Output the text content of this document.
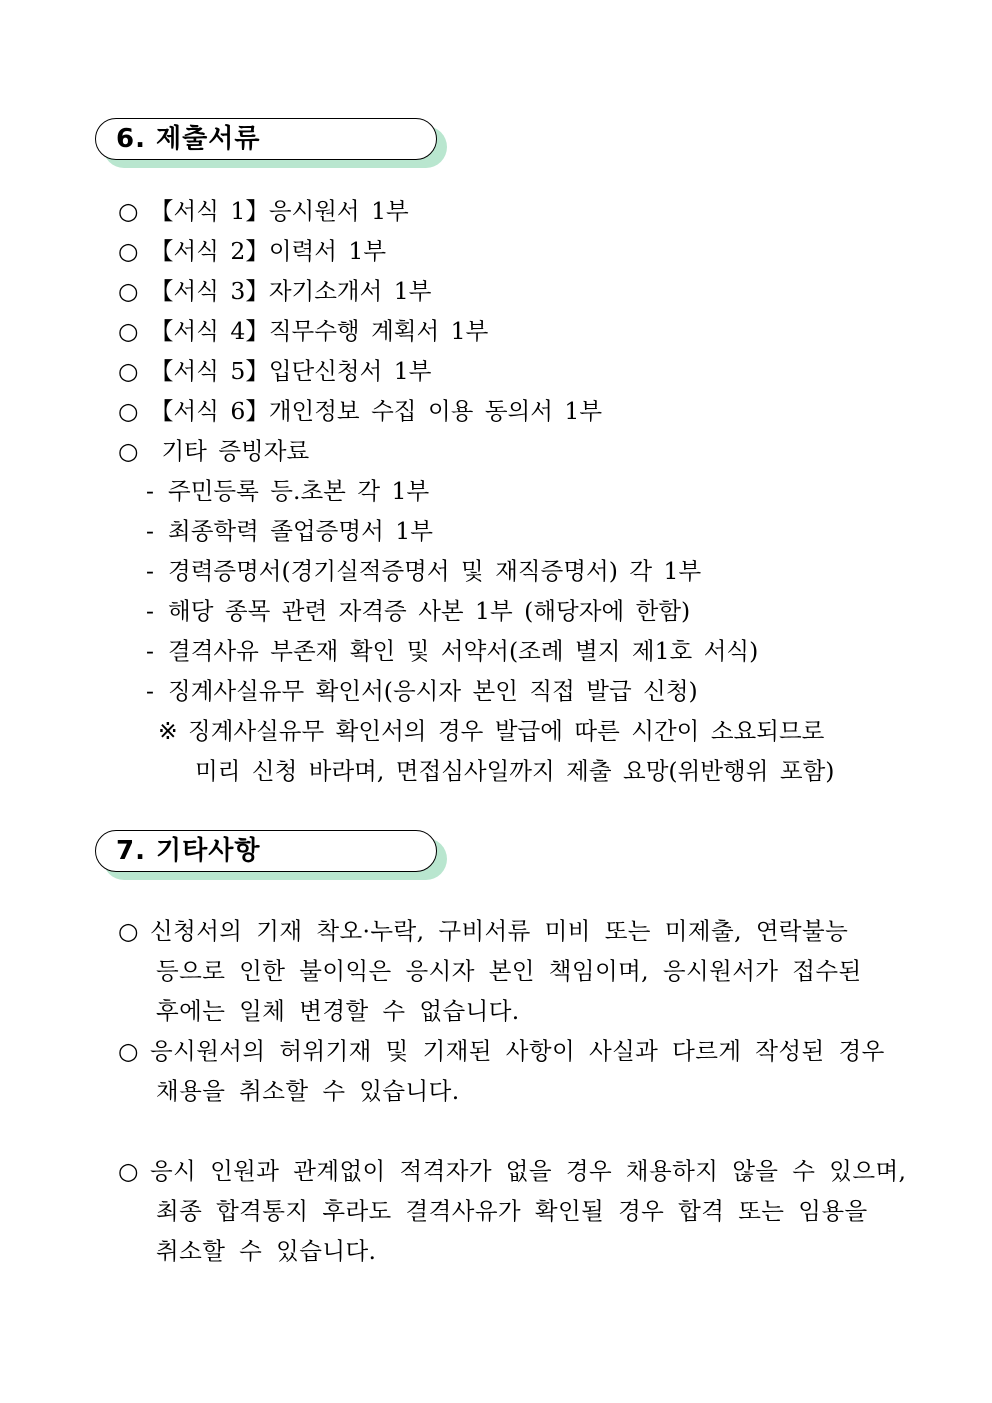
6. 제출서류
○ 【서식 1】응시원서 1부
○ 【서식 2】이력서 1부
○ 【서식 3】자기소개서 1부
○ 【서식 4】직무수행 계획서 1부
○ 【서식 5】입단신청서 1부
○ 【서식 6】개인정보 수집 이용 동의서 1부
○ 기타 증빙자료
- 주민등록 등.초본 각 1부
- 최종학력 졸업증명서 1부
- 경력증명서(경기실적증명서 및 재직증명서) 각 1부
- 해당 종목 관련 자격증 사본 1부 (해당자에 한함)
- 결격사유 부존재 확인 및 서약서(조례 별지 제1호 서식)
- 징계사실유무 확인서(응시자 본인 직접 발급 신청)
※ 징계사실유무 확인서의 경우 발급에 따른 시간이 소요되므로
미리 신청 바라며, 면접심사일까지 제출 요망(위반행위 포함)
7. 기타사항
○ 신청서의 기재 착오·누락, 구비서류 미비 또는 미제출, 연락불능
등으로 인한 불이익은 응시자 본인 책임이며, 응시원서가 접수된
후에는 일체 변경할 수 없습니다.
○ 응시원서의 허위기재 및 기재된 사항이 사실과 다르게 작성된 경우
채용을 취소할 수 있습니다.
○ 응시 인원과 관계없이 적격자가 없을 경우 채용하지 않을 수 있으며,
최종 합격통지 후라도 결격사유가 확인될 경우 합격 또는 임용을
취소할 수 있습니다.
